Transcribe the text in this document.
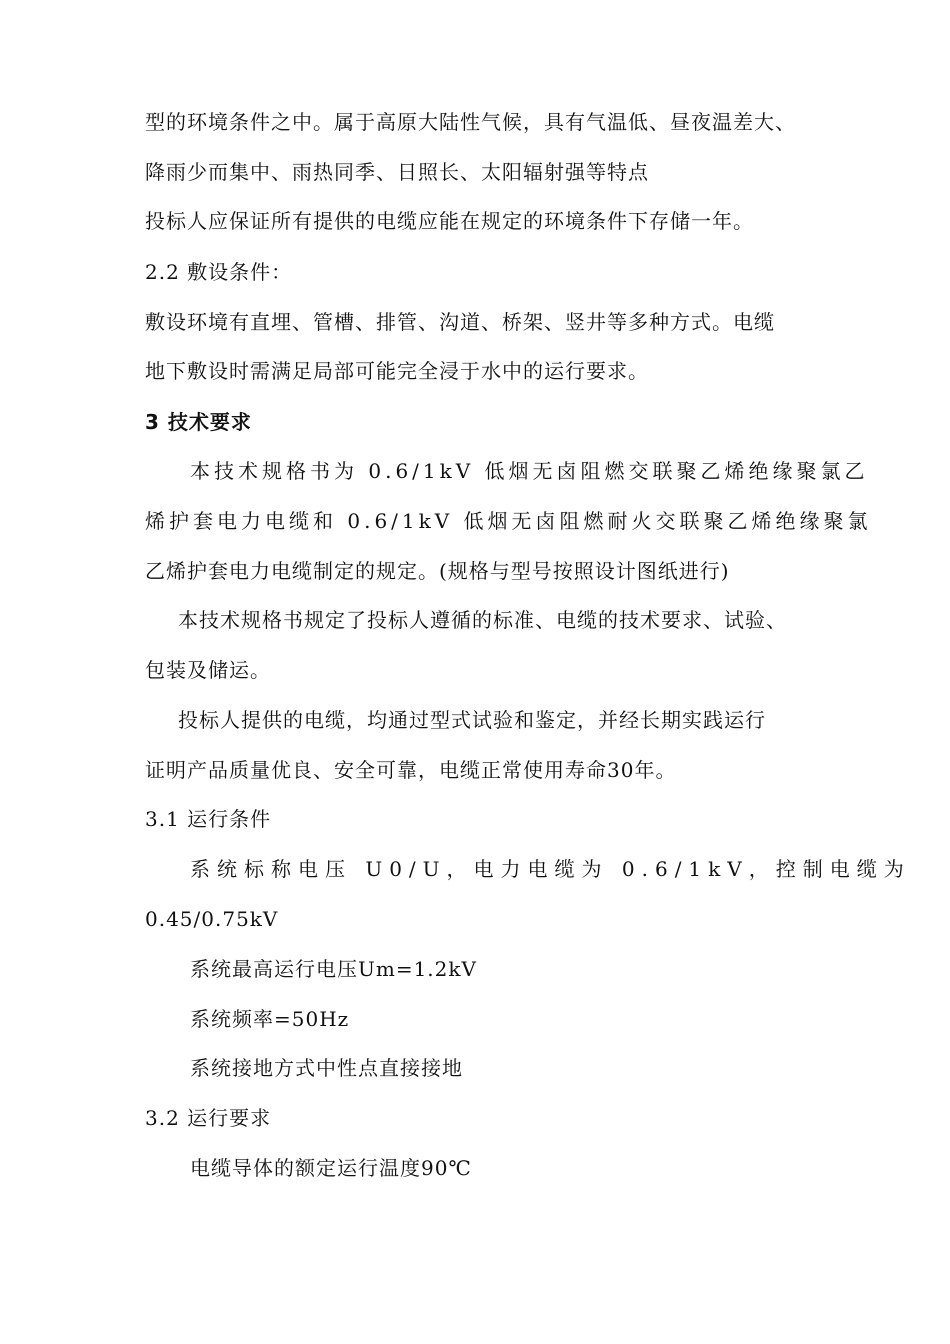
型的环境条件之中。属于高原大陆性气候，具有气温低、昼夜温差大、
降雨少而集中、雨热同季、日照长、太阳辐射强等特点
投标人应保证所有提供的电缆应能在规定的环境条件下存储一年。
2.2 敷设条件：
敷设环境有直埋、管槽、排管、沟道、桥架、竖井等多种方式。电缆
地下敷设时需满足局部可能完全浸于水中的运行要求。
3 技术要求
本技术规格书为 0.6/1kV 低烟无卤阻燃交联聚乙烯绝缘聚氯乙
烯护套电力电缆和 0.6/1kV 低烟无卤阻燃耐火交联聚乙烯绝缘聚氯
乙烯护套电力电缆制定的规定。(规格与型号按照设计图纸进行)
本技术规格书规定了投标人遵循的标准、电缆的技术要求、试验、
包装及储运。
投标人提供的电缆，均通过型式试验和鉴定，并经长期实践运行
证明产品质量优良、安全可靠，电缆正常使用寿命30年。
3.1 运行条件
系统标称电压 U0/U，电力电缆为 0.6/1kV，控制电缆为
0.45/0.75kV
系统最高运行电压Um=1.2kV
系统频率=50Hz
系统接地方式中性点直接接地
3.2 运行要求
电缆导体的额定运行温度90℃
